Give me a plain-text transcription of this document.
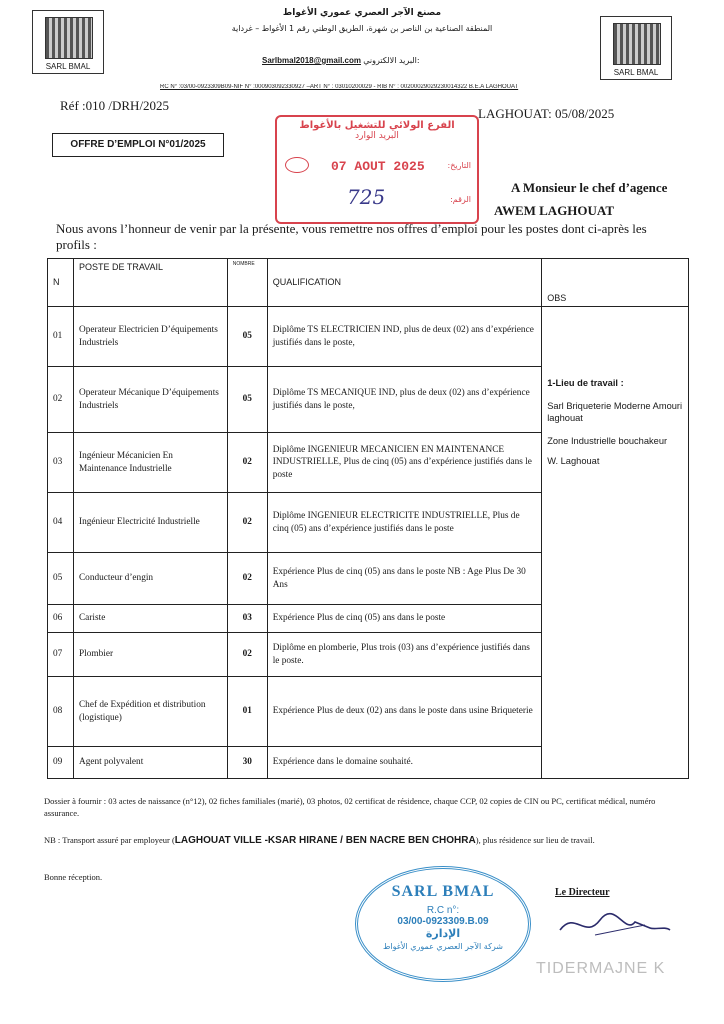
SARL BMAL
SARL BMAL
مصنع الآجر العصري عموري الأغواط
المنطقة الصناعية بن الناصر بن شهرة، الطريق الوطني رقم 1 الأغواط – غرداية
Sarlbmal2018@gmail.com البريد الالكتروني:
RC N° :03/00-0923309B09-NIF N° :000903092330927 –ART N° : 03010200029 - RIB N° : 00200029029230014322 B.E.A LAGHOUAT
Réf :010 /DRH/2025
LAGHOUAT: 05/08/2025
OFFRE D’EMPLOI N°01/2025
الفرع الولائي للتشغيل بالأغواط
البريد الوارد
07 AOUT 2025	التاريخ:
الرقم:
725	A Monsieur le chef d’agence
AWEM LAGHOUAT
Nous avons l’honneur de venir par la présente, vous remettre nos offres d’emploi pour les postes dont ci-après les profils :
N	POSTE DE TRAVAIL	NOMBRE	QUALIFICATION	OBS
01	Operateur Electricien D’équipements Industriels	05	Diplôme TS ELECTRICIEN IND, plus de deux (02) ans d’expérience justifiés dans le poste,	1-Lieu de travail :
Sarl Briqueterie Moderne Amouri laghouat
Zone Industrielle bouchakeur
W. Laghouat

02	Operateur Mécanique D’équipements Industriels	05	Diplôme TS MECANIQUE IND, plus de deux (02) ans d’expérience justifiés dans le poste,	
03	Ingénieur Mécanicien En Maintenance Industrielle	02	Diplôme INGENIEUR MECANICIEN EN MAINTENANCE INDUSTRIELLE, Plus de cinq (05) ans d’expérience justifiés dans le poste	
04	Ingénieur Electricité Industrielle	02	Diplôme INGENIEUR ELECTRICITE INDUSTRIELLE, Plus de cinq (05) ans d’expérience justifiés dans le poste	
05	Conducteur d’engin	02	Expérience Plus de cinq (05) ans dans le poste NB : Age Plus De 30 Ans	
06	Cariste	03	Expérience Plus de cinq (05) ans dans le poste	
07	Plombier	02	Diplôme en plomberie, Plus trois (03) ans d’expérience justifiés dans le poste.	
08	Chef de Expédition et distribution (logistique)	01	Expérience Plus de deux (02) ans dans le poste dans usine Briqueterie	
09	Agent polyvalent	30	Expérience dans le domaine souhaité.	
Dossier à fournir : 03 actes de naissance (n°12), 02 fiches familiales (marié), 03 photos, 02 certificat de résidence, chaque CCP, 02 copies de CIN ou PC, certificat médical, numéro assurance.
NB : Transport assuré par employeur (LAGHOUAT VILLE -KSAR HIRANE / BEN NACRE BEN CHOHRA), plus résidence sur lieu de travail.
Bonne réception.
Le Directeur
TIDERMAJNE K
SARL BMAL
R.C n°:
03/00-0923309.B.09
الإدارة
شركة الآجر العصري عموري الأغواط
